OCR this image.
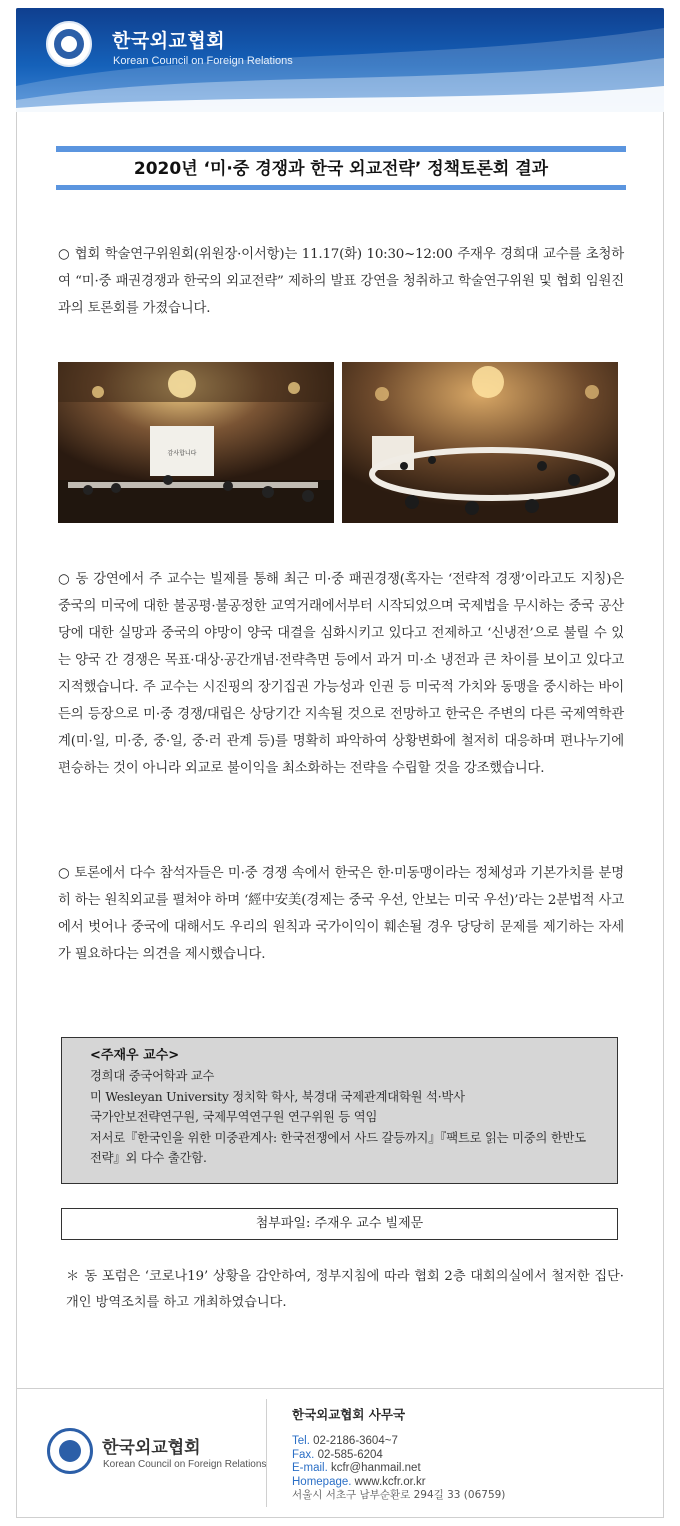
한국외교협회
Korean Council on Foreign Relations
2020년 ‘미·중 경쟁과 한국 외교전략’ 정책토론회 결과
○ 협회 학술연구위원회(위원장·이서항)는 11.17(화) 10:30~12:00 주재우 경희대 교수를 초청하여 “미·중 패권경쟁과 한국의 외교전략” 제하의 발표 강연을 청취하고 학술연구위원 및 협회 임원진과의 토론회를 가졌습니다.
감사합니다
○ 동 강연에서 주 교수는 빌제를 통해 최근 미·중 패권경쟁(혹자는 ‘전략적 경쟁’이라고도 지칭)은 중국의 미국에 대한 불공평·불공정한 교역거래에서부터 시작되었으며 국제법을 무시하는 중국 공산당에 대한 실망과 중국의 야망이 양국 대결을 심화시키고 있다고 전제하고 ‘신냉전’으로 불릴 수 있는 양국 간 경쟁은 목표·대상·공간개념·전략측면 등에서 과거 미·소 냉전과 큰 차이를 보이고 있다고 지적했습니다. 주 교수는 시진핑의 장기집권 가능성과 인권 등 미국적 가치와 동맹을 중시하는 바이든의 등장으로 미·중 경쟁/대립은 상당기간 지속될 것으로 전망하고 한국은 주변의 다른 국제역학관계(미·일, 미·중, 중·일, 중·러 관계 등)를 명확히 파악하여 상황변화에 철저히 대응하며 편나누기에 편승하는 것이 아니라 외교로 불이익을 최소화하는 전략을 수립할 것을 강조했습니다.
○ 토론에서 다수 참석자들은 미·중 경쟁 속에서 한국은 한·미동맹이라는 정체성과 기본가치를 분명히 하는 원칙외교를 펼쳐야 하며 ‘經中安美(경제는 중국 우선, 안보는 미국 우선)’라는 2분법적 사고에서 벗어나 중국에 대해서도 우리의 원칙과 국가이익이 훼손될 경우 당당히 문제를 제기하는 자세가 필요하다는 의견을 제시했습니다.
<주재우 교수>
경희대 중국어학과 교수
미 Wesleyan University 정치학 학사, 북경대 국제관계대학원 석·박사
국가안보전략연구원, 국제무역연구원 연구위원 등 역임
저서로『한국인을 위한 미중관계사: 한국전쟁에서 사드 갈등까지』『팩트로 읽는 미중의 한반도 전략』외 다수 출간함.
첨부파일: 주재우 교수 빌제문
＊ 동 포럼은 ‘코로나19’ 상황을 감안하여, 정부지침에 따라 협회 2층 대회의실에서 철저한 집단·개인 방역조치를 하고 개최하였습니다.
한국외교협회
Korean Council on Foreign Relations
한국외교협회 사무국
Tel. 02-2186-3604~7
Fax. 02-585-6204
E-mail. kcfr@hanmail.net
Homepage. www.kcfr.or.kr
서울시 서초구 남부순환로 294길 33 (06759)
